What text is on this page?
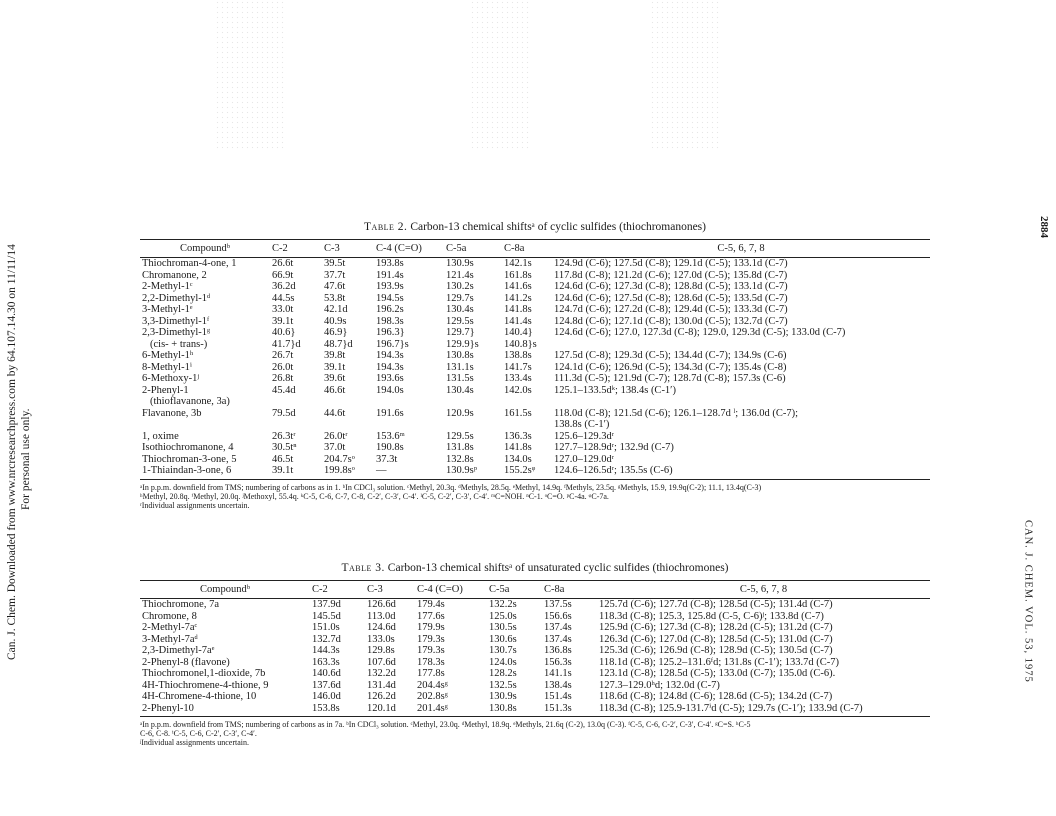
Can. J. Chem. Downloaded from www.nrcresearchpress.com by 64.107.14.30 on 11/11/14 For personal use only.
2884
CAN. J. CHEM. VOL. 53, 1975
Table 2. Carbon-13 chemical shiftsᵃ of cyclic sulfides (thiochromanones)
Compoundᵇ	C-2	C-3	C-4 (C=O)	C-5a	C-8a	C-5, 6, 7, 8
Thiochroman-4-one, 1	26.6t	39.5t	193.8s	130.9s	142.1s	124.9d (C-6); 127.5d (C-8); 129.1d (C-5); 133.1d (C-7)
Chromanone, 2	66.9t	37.7t	191.4s	121.4s	161.8s	117.8d (C-8); 121.2d (C-6); 127.0d (C-5); 135.8d (C-7)
2-Methyl-1ᶜ	36.2d	47.6t	193.9s	130.2s	141.6s	124.6d (C-6); 127.3d (C-8); 128.8d (C-5); 133.1d (C-7)
2,2-Dimethyl-1ᵈ	44.5s	53.8t	194.5s	129.7s	141.2s	124.6d (C-6); 127.5d (C-8); 128.6d (C-5); 133.5d (C-7)
3-Methyl-1ᵉ	33.0t	42.1d	196.2s	130.4s	141.8s	124.7d (C-6); 127.2d (C-8); 129.4d (C-5); 133.3d (C-7)
3,3-Dimethyl-1ᶠ	39.1t	40.9s	198.3s	129.5s	141.4s	124.8d (C-6); 127.1d (C-8); 130.0d (C-5); 132.7d (C-7)
2,3-Dimethyl-1ᵍ	40.6}	46.9}	196.3}	129.7}	140.4}	124.6d (C-6); 127.0, 127.3d (C-8); 129.0, 129.3d (C-5); 133.0d (C-7)
(cis- + trans-)	41.7}d	48.7}d	196.7}s	129.9}s	140.8}s	
6-Methyl-1ʰ	26.7t	39.8t	194.3s	130.8s	138.8s	127.5d (C-8); 129.3d (C-5); 134.4d (C-7); 134.9s (C-6)
8-Methyl-1ⁱ	26.0t	39.1t	194.3s	131.1s	141.7s	124.1d (C-6); 126.9d (C-5); 134.3d (C-7); 135.4s (C-8)
6-Methoxy-1ʲ	26.8t	39.6t	193.6s	131.5s	133.4s	111.3d (C-5); 121.9d (C-7); 128.7d (C-8); 157.3s (C-6)
2-Phenyl-1	45.4d	46.6t	194.0s	130.4s	142.0s	125.1–133.5dᵏ; 138.4s (C-1′)
(thioflavanone, 3a)						
Flavanone, 3b	79.5d	44.6t	191.6s	120.9s	161.5s	118.0d (C-8); 121.5d (C-6); 126.1–128.7d ˡ; 136.0d (C-7);
						138.8s (C-1′)
1, oxime	26.3tʳ	26.0tʳ	153.6ᵐ	129.5s	136.3s	125.6–129.3dʳ
Isothiochromanone, 4	30.5tⁿ	37.0t	190.8s	131.8s	141.8s	127.7–128.9dʳ; 132.9d (C-7)
Thiochroman-3-one, 5	46.5t	204.7sᵒ	37.3t	132.8s	134.0s	127.0–129.0dʳ
1-Thiaindan-3-one, 6	39.1t	199.8sᵒ	—	130.9sᵖ	155.2sᵠ	124.6–126.5dʳ; 135.5s (C-6)
ᵃIn p.p.m. downfield from TMS; numbering of carbons as in 1. ᵇIn CDCl₃ solution. ᶜMethyl, 20.3q. ᵈMethyls, 28.5q. ᵉMethyl, 14.9q. ᶠMethyls, 23.5q. ᵍMethyls, 15.9, 19.9q(C-2); 11.1, 13.4q(C-3)
ʰMethyl, 20.8q. ⁱMethyl, 20.0q. ʲMethoxyl, 55.4q. ᵏC-5, C-6, C-7, C-8, C-2′, C-3′, C-4′. ˡC-5, C-2′, C-3′, C-4′. ᵐC=NOH. ⁿC-1. ᵒC=O. ᵖC-4a. ᵠC-7a.
ʳIndividual assignments uncertain.
Table 3. Carbon-13 chemical shiftsᵃ of unsaturated cyclic sulfides (thiochromones)
Compoundᵇ	C-2	C-3	C-4 (C=O)	C-5a	C-8a	C-5, 6, 7, 8
Thiochromone, 7a	137.9d	126.6d	179.4s	132.2s	137.5s	125.7d (C-6); 127.7d (C-8); 128.5d (C-5); 131.4d (C-7)
Chromone, 8	145.5d	113.0d	177.6s	125.0s	156.6s	118.3d (C-8); 125.3, 125.8d (C-5, C-6)ʲ; 133.8d (C-7)
2-Methyl-7aᶜ	151.0s	124.6d	179.9s	130.5s	137.4s	125.9d (C-6); 127.3d (C-8); 128.2d (C-5); 131.2d (C-7)
3-Methyl-7aᵈ	132.7d	133.0s	179.3s	130.6s	137.4s	126.3d (C-6); 127.0d (C-8); 128.5d (C-5); 131.0d (C-7)
2,3-Dimethyl-7aᵉ	144.3s	129.8s	179.3s	130.7s	136.8s	125.3d (C-6); 126.9d (C-8); 128.9d (C-5); 130.5d (C-7)
2-Phenyl-8 (flavone)	163.3s	107.6d	178.3s	124.0s	156.3s	118.1d (C-8); 125.2–131.6ᶠd; 131.8s (C-1′); 133.7d (C-7)
Thiochromonel,1-dioxide, 7b	140.6d	132.2d	177.8s	128.2s	141.1s	123.1d (C-8); 128.5d (C-5); 133.0d (C-7); 135.0d (C-6).
4H-Thiochromene-4-thione, 9	137.6d	131.4d	204.4sᵍ	132.5s	138.4s	127.3–129.0ʰd; 132.0d (C-7)
4H-Chromene-4-thione, 10	146.0d	126.2d	202.8sᵍ	130.9s	151.4s	118.6d (C-8); 124.8d (C-6); 128.6d (C-5); 134.2d (C-7)
2-Phenyl-10	153.8s	120.1d	201.4sᵍ	130.8s	151.3s	118.3d (C-8); 125.9-131.7ⁱd (C-5); 129.7s (C-1′); 133.9d (C-7)
ᵃIn p.p.m. downfield from TMS; numbering of carbons as in 7a. ᵇIn CDCl₃ solution. ᶜMethyl, 23.0q. ᵈMethyl, 18.9q. ᵉMethyls, 21.6q (C-2), 13.0q (C-3). ᶠC-5, C-6, C-2′, C-3′, C-4′. ᵍC=S. ʰC-5
C-6, C-8. ⁱC-5, C-6, C-2′, C-3′, C-4′.
ʲIndividual assignments uncertain.
